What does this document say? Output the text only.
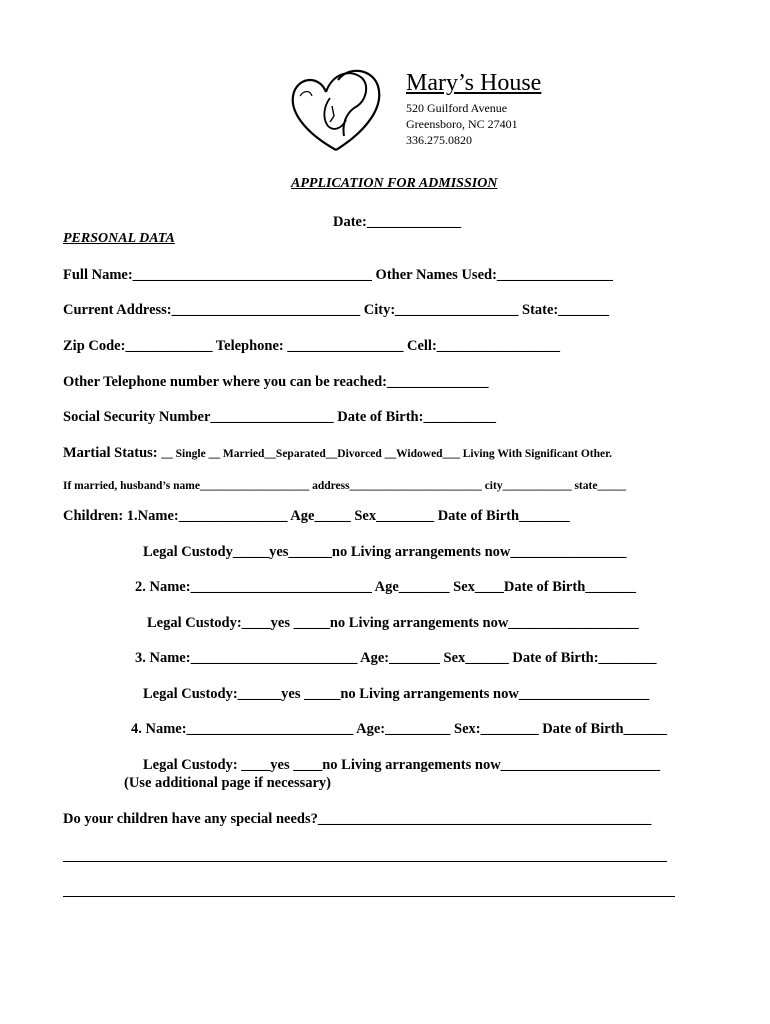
Mary’s House
520 Guilford Avenue
Greensboro, NC 27401
336.275.0820
APPLICATION FOR ADMISSION
Date:_____________
PERSONAL DATA
Full Name:_________________________________ Other Names Used:________________
Current Address:__________________________ City:_________________ State:_______
Zip Code:____________ Telephone: ________________ Cell:_________________
Other Telephone number where you can be reached:______________
Social Security Number_________________ Date of Birth:__________
Martial Status: __ Single __ Married__Separated__Divorced __Widowed___ Living With Significant Other.
If married, husband’s name___________________ address_______________________ city____________ state_____
Children: 1.Name:_______________ Age_____ Sex________ Date of Birth_______
Legal Custody_____yes______no Living arrangements now________________
2. Name:_________________________ Age_______ Sex____Date of Birth_______
Legal Custody:____yes _____no Living arrangements now__________________
3. Name:_______________________ Age:_______ Sex______ Date of Birth:________
Legal Custody:______yes _____no Living arrangements now__________________
4. Name:_______________________ Age:_________ Sex:________ Date of Birth______
Legal Custody: ____yes ____no Living arrangements now______________________
(Use additional page if necessary)
Do your children have any special needs?______________________________________________
